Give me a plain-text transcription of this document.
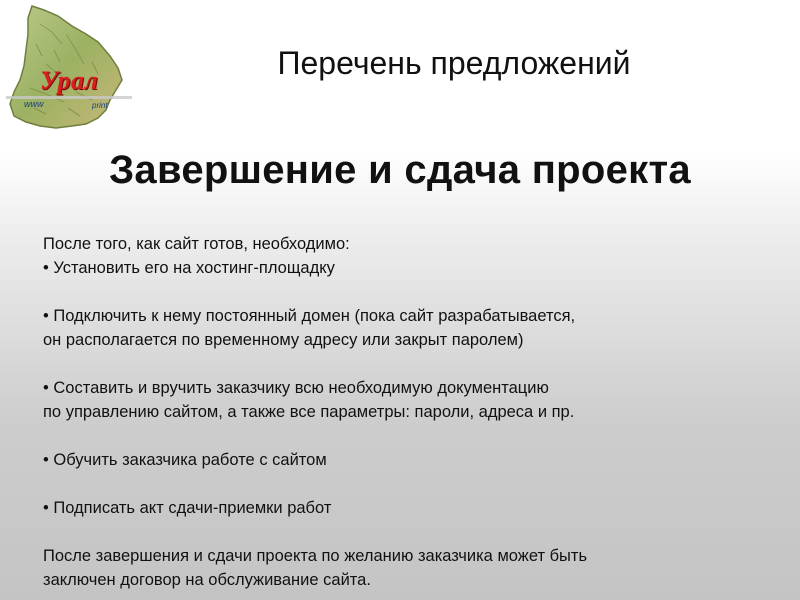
Урал
www	print
Перечень предложений
Завершение и сдача проекта

После того, как сайт готов, необходимо:

• Установить его на хостинг-площадку

• Подключить к нему постоянный домен (пока сайт разрабатывается,

он располагается по временному адресу или закрыт паролем)

• Составить и вручить заказчику всю необходимую документацию

по управлению сайтом, а также все параметры: пароли, адреса и пр.

• Обучить заказчика работе с сайтом

• Подписать акт сдачи-приемки работ

После завершения и сдачи проекта по желанию заказчика может быть

заключен договор на обслуживание сайта.
